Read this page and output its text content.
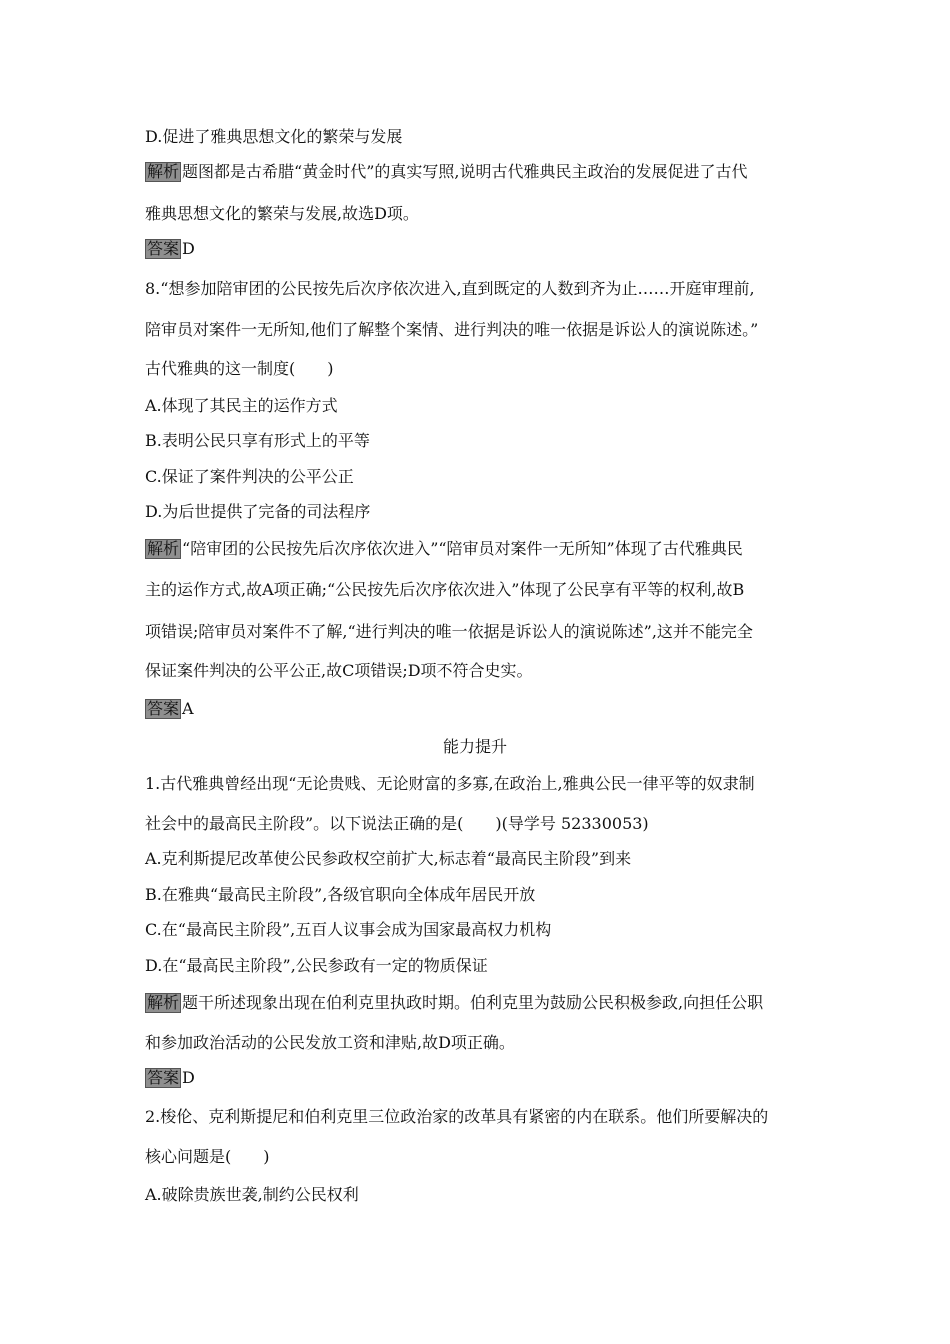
D.促进了雅典思想文化的繁荣与发展
解析 题图都是古希腊“黄金时代”的真实写照,说明古代雅典民主政治的发展促进了古代
雅典思想文化的繁荣与发展,故选D项。
答案 D
8.“想参加陪审团的公民按先后次序依次进入,直到既定的人数到齐为止……开庭审理前,
陪审员对案件一无所知,他们了解整个案情、进行判决的唯一依据是诉讼人的演说陈述。”
古代雅典的这一制度(　　)
A.体现了其民主的运作方式
B.表明公民只享有形式上的平等
C.保证了案件判决的公平公正
D.为后世提供了完备的司法程序
解析 “陪审团的公民按先后次序依次进入”“陪审员对案件一无所知”体现了古代雅典民
主的运作方式,故A项正确;“公民按先后次序依次进入”体现了公民享有平等的权利,故B
项错误;陪审员对案件不了解,“进行判决的唯一依据是诉讼人的演说陈述”,这并不能完全
保证案件判决的公平公正,故C项错误;D项不符合史实。
答案 A
能力提升
1.古代雅典曾经出现“无论贵贱、无论财富的多寡,在政治上,雅典公民一律平等的奴隶制
社会中的最高民主阶段”。以下说法正确的是(　　)(导学号 52330053)
A.克利斯提尼改革使公民参政权空前扩大,标志着“最高民主阶段”到来
B.在雅典“最高民主阶段”,各级官职向全体成年居民开放
C.在“最高民主阶段”,五百人议事会成为国家最高权力机构
D.在“最高民主阶段”,公民参政有一定的物质保证
解析 题干所述现象出现在伯利克里执政时期。伯利克里为鼓励公民积极参政,向担任公职
和参加政治活动的公民发放工资和津贴,故D项正确。
答案 D
2.梭伦、克利斯提尼和伯利克里三位政治家的改革具有紧密的内在联系。他们所要解决的
核心问题是(　　)
A.破除贵族世袭,制约公民权利
